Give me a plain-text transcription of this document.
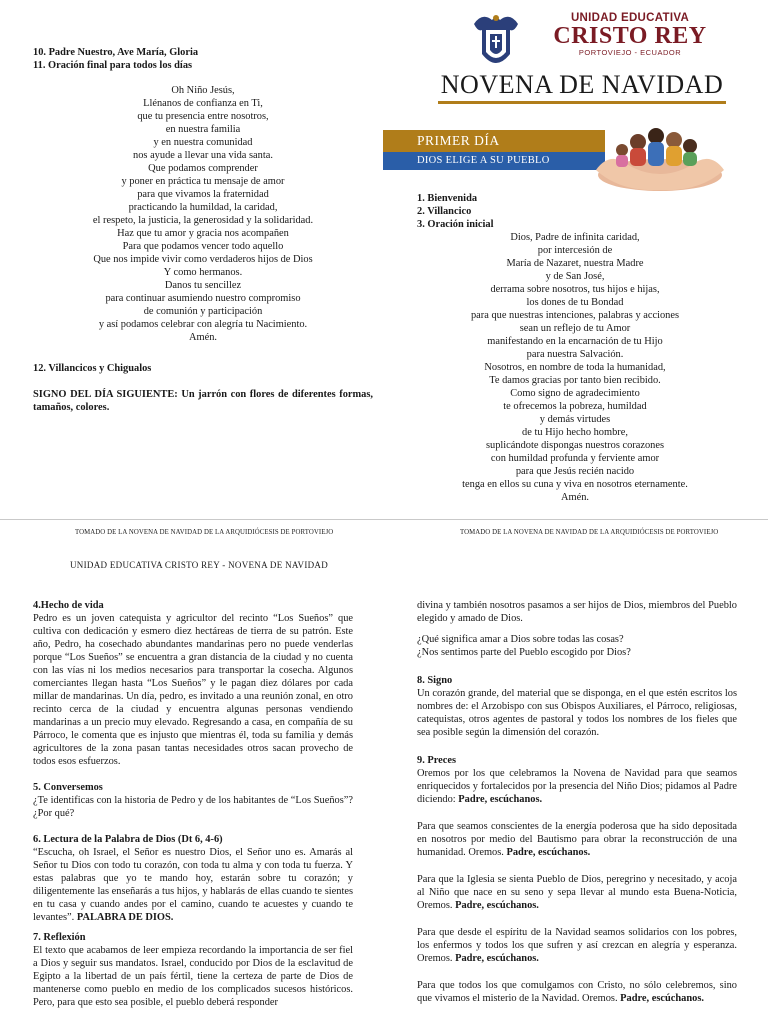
10. Padre Nuestro, Ave María, Gloria
11. Oración final para todos los días
Oh Niño Jesús,
Llénanos de confianza en Ti,
que tu presencia entre nosotros,
en nuestra familia
y en nuestra comunidad
nos ayude a llevar una vida santa.
Que podamos comprender
y poner en práctica tu mensaje de amor
para que vivamos la fraternidad
practicando la humildad, la caridad,
el respeto, la justicia, la generosidad y la solidaridad.
Haz que tu amor y gracia nos acompañen
Para que podamos vencer todo aquello
Que nos impide vivir como verdaderos hijos de Dios
Y como hermanos.
Danos tu sencillez
para continuar asumiendo nuestro compromiso
de comunión y participación
y así podamos celebrar con alegría tu Nacimiento.
Amén.
12. Villancicos y Chigualos
SIGNO DEL DÍA SIGUIENTE: Un jarrón con flores de diferentes formas, tamaños, colores.
UNIDAD EDUCATIVA
CRISTO REY
PORTOVIEJO - ECUADOR
NOVENA DE NAVIDAD
PRIMER DÍA
DIOS ELIGE A SU PUEBLO
1. Bienvenida
2. Villancico
3. Oración inicial
Dios, Padre de infinita caridad,
por intercesión de
María de Nazaret, nuestra Madre
y de San José,
derrama sobre nosotros, tus hijos e hijas,
los dones de tu Bondad
para que nuestras intenciones, palabras y acciones
sean un reflejo de tu Amor
manifestando en la encarnación de tu Hijo
para nuestra Salvación.
Nosotros, en nombre de toda la humanidad,
Te damos gracias por tanto bien recibido.
Como signo de agradecimiento
te ofrecemos la pobreza, humildad
y demás virtudes
de tu Hijo hecho hombre,
suplicándote dispongas nuestros corazones
con humildad profunda y ferviente amor
para que Jesús recién nacido
tenga en ellos su cuna y viva en nosotros eternamente.
Amén.
TOMADO DE LA NOVENA DE NAVIDAD DE LA ARQUIDIÓCESIS DE PORTOVIEJO	TOMADO DE LA NOVENA DE NAVIDAD DE LA ARQUIDIÓCESIS DE PORTOVIEJO
UNIDAD EDUCATIVA CRISTO REY - NOVENA DE NAVIDAD

4.Hecho de vida

Pedro es un joven catequista y agricultor del recinto “Los Sueños” que cultiva con dedicación y esmero diez hectáreas de tierra de su patrón. Este año, Pedro, ha cosechado abundantes mandarinas pero no puede venderlas porque “Los Sueños” se encuentra a gran distancia de la ciudad y no cuenta con las vías ni los medios necesarios para transportar la cosecha. Algunos comerciantes llegan hasta “Los Sueños” y le pagan diez dólares por cada millar de mandarinas. Un día, pedro, es invitado a una reunión zonal, en otro recinto cerca de la ciudad y encuentra algunas personas vendiendo mandarinas a un precio muy elevado. Regresando a casa, en compañía de su Párroco, le comenta que es injusto que mientras él, toda su familia y demás agricultores de la zona pasan tantas necesidades otros sacan provecho de todos esos esfuerzos.

5. Conversemos

¿Te identificas con la historia de Pedro y de los habitantes de “Los Sueños”? ¿Por qué?

6. Lectura de la Palabra de Dios (Dt 6, 4-6)

“Escucha, oh Israel, el Señor es nuestro Dios, el Señor uno es. Amarás al Señor tu Dios con todo tu corazón, con toda tu alma y con toda tu fuerza. Y estas palabras que yo te mando hoy, estarán sobre tu corazón; y diligentemente las enseñarás a tus hijos, y hablarás de ellas cuando te sientes en tu casa y cuando andes por el camino, cuando te acuestes y cuando te levantes”. PALABRA DE DIOS.

7. Reflexión

El texto que acabamos de leer empieza recordando la importancia de ser fiel a Dios y seguir sus mandatos. Israel, conducido por Dios de la esclavitud de Egipto a la libertad de un país fértil, tiene la certeza de parte de Dios de mantenerse como pueblo en medio de los complicados sucesos históricos. Pero, para que esto sea posible, el pueblo deberá responder

divina y también nosotros pasamos a ser hijos de Dios, miembros del Pueblo elegido y amado de Dios.

¿Qué significa amar a Dios sobre todas las cosas?

¿Nos sentimos parte del Pueblo escogido por Dios?

8. Signo

Un corazón grande, del material que se disponga, en el que estén escritos los nombres de: el Arzobispo con sus Obispos Auxiliares, el Párroco, religiosas, catequistas, otros agentes de pastoral y todos los nombres de los fieles que sea posible según la dimensión del corazón.

9. Preces

Oremos por los que celebramos la Novena de Navidad para que seamos enriquecidos y fortalecidos por la presencia del Niño Dios; pidamos al Padre diciendo: Padre, escúchanos.

Para que seamos conscientes de la energía poderosa que ha sido depositada en nosotros por medio del Bautismo para obrar la reconstrucción de una humanidad. Oremos. Padre, escúchanos.

Para que la Iglesia se sienta Pueblo de Dios, peregrino y necesitado, y acoja al Niño que nace en su seno y sepa llevar al mundo esta Buena-Noticia, Oremos. Padre, escúchanos.

Para que desde el espíritu de la Navidad seamos solidarios con los pobres, los enfermos y todos los que sufren y así crezcan en alegría y esperanza. Oremos. Padre, escúchanos.

Para que todos los que comulgamos con Cristo, no sólo celebremos, sino que vivamos el misterio de la Navidad. Oremos. Padre, escúchanos.
